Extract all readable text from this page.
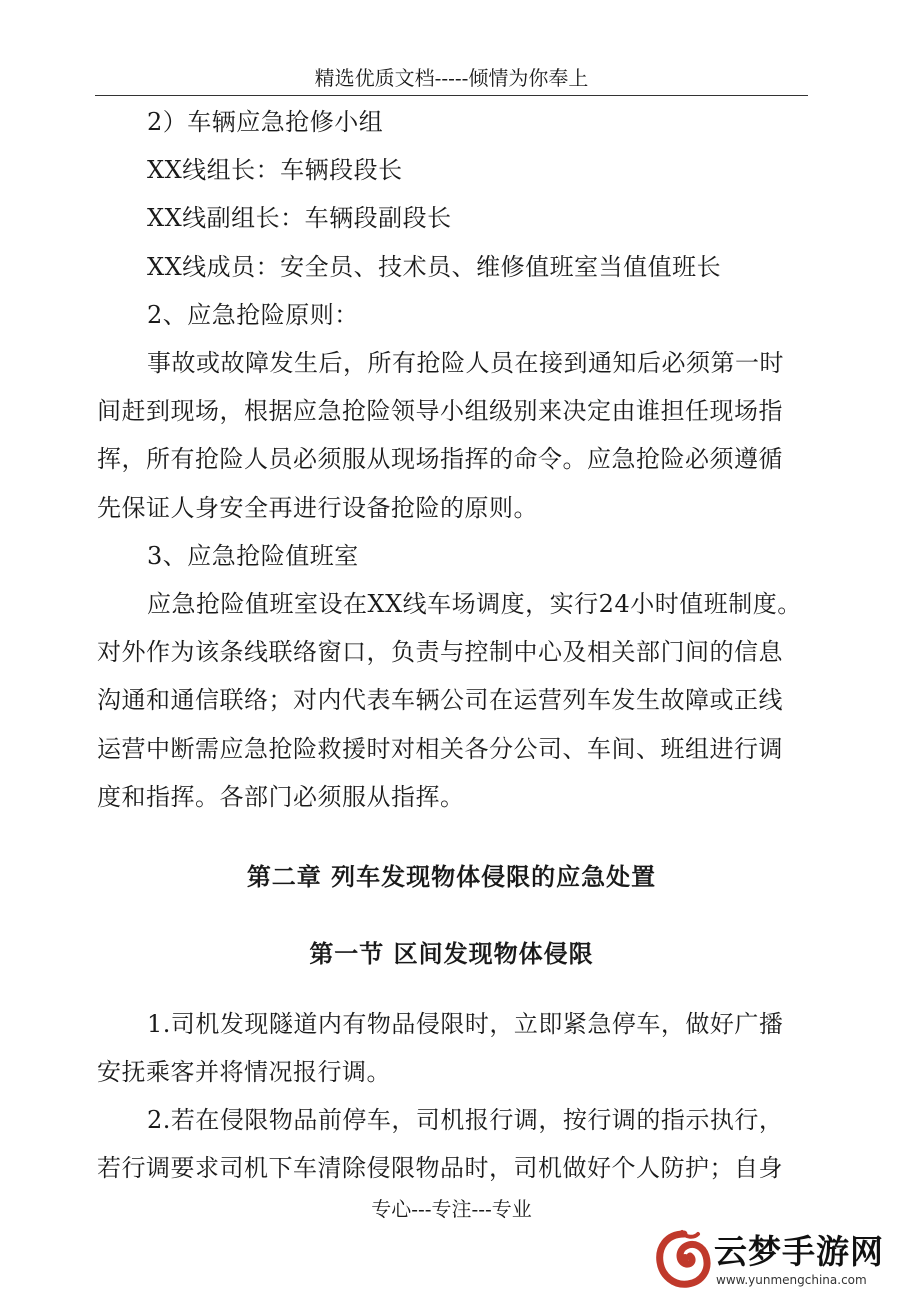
精选优质文档-----倾情为你奉上
2）车辆应急抢修小组
XX线组长：车辆段段长
XX线副组长：车辆段副段长
XX线成员：安全员、技术员、维修值班室当值值班长
2、应急抢险原则：
事故或故障发生后，所有抢险人员在接到通知后必须第一时
间赶到现场，根据应急抢险领导小组级别来决定由谁担任现场指
挥，所有抢险人员必须服从现场指挥的命令。应急抢险必须遵循
先保证人身安全再进行设备抢险的原则。
3、应急抢险值班室
应急抢险值班室设在XX线车场调度，实行24小时值班制度。
对外作为该条线联络窗口，负责与控制中心及相关部门间的信息
沟通和通信联络；对内代表车辆公司在运营列车发生故障或正线
运营中断需应急抢险救援时对相关各分公司、车间、班组进行调
度和指挥。各部门必须服从指挥。
第二章 列车发现物体侵限的应急处置
第一节 区间发现物体侵限
1.司机发现隧道内有物品侵限时，立即紧急停车，做好广播
安抚乘客并将情况报行调。
2.若在侵限物品前停车，司机报行调，按行调的指示执行，
若行调要求司机下车清除侵限物品时，司机做好个人防护；自身
专心---专注---专业
云梦手游网
www.yunmengchina.com
